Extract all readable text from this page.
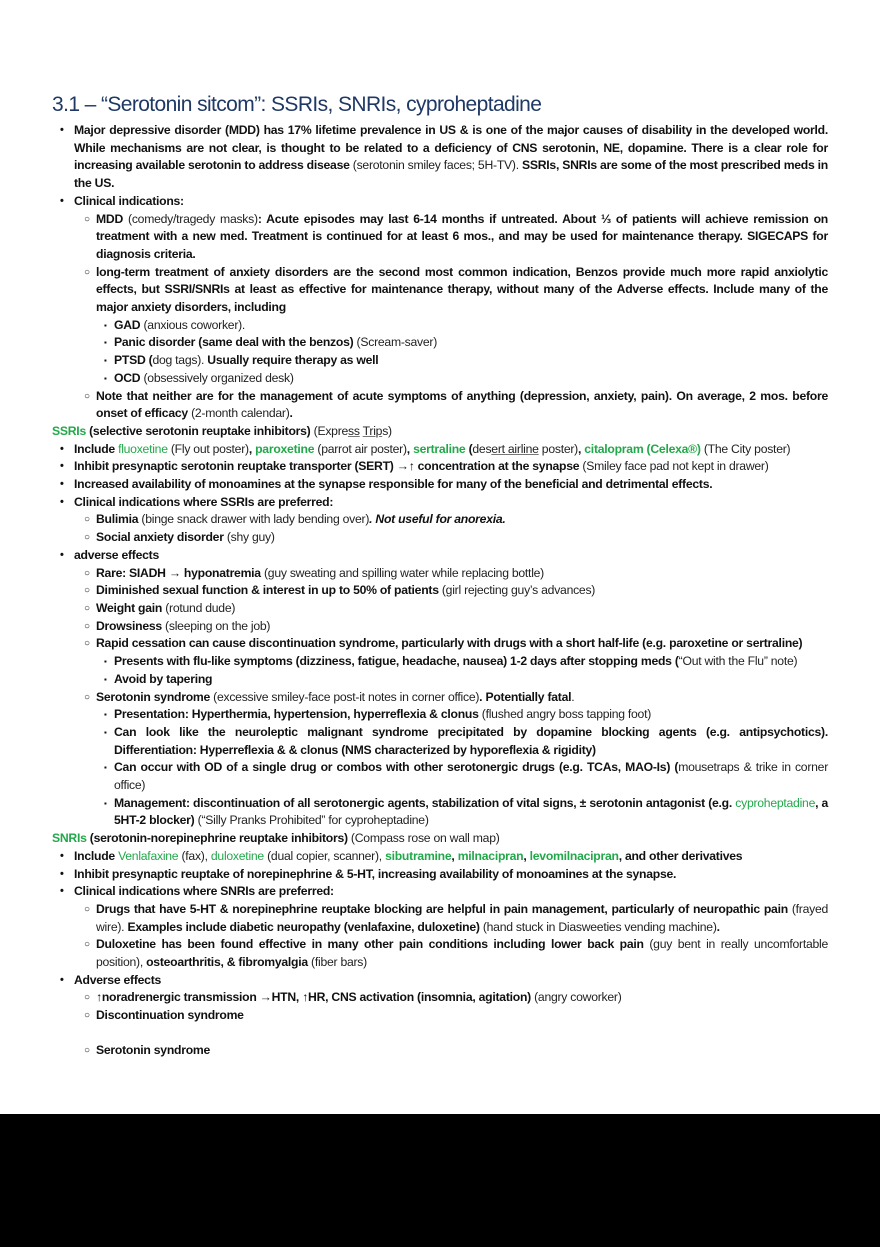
3.1 – “Serotonin sitcom”: SSRIs, SNRIs, cyproheptadine
• Major depressive disorder (MDD) has 17% lifetime prevalence in US & is one of the major causes of disability in the developed world. While mechanisms are not clear, is thought to be related to a deficiency of CNS serotonin, NE, dopamine. There is a clear role for increasing available serotonin to address disease (serotonin smiley faces; 5H-TV). SSRIs, SNRIs are some of the most prescribed meds in the US.
• Clinical indications:
○ MDD (comedy/tragedy masks): Acute episodes may last 6-14 months if untreated. About ⅓ of patients will achieve remission on treatment with a new med. Treatment is continued for at least 6 mos., and may be used for maintenance therapy. SIGECAPS for diagnosis criteria.
○ long-term treatment of anxiety disorders are the second most common indication, Benzos provide much more rapid anxiolytic effects, but SSRI/SNRIs at least as effective for maintenance therapy, without many of the Adverse effects. Include many of the major anxiety disorders, including
▪ GAD (anxious coworker).
▪ Panic disorder (same deal with the benzos) (Scream-saver)
▪ PTSD (dog tags). Usually require therapy as well
▪ OCD (obsessively organized desk)
○ Note that neither are for the management of acute symptoms of anything (depression, anxiety, pain). On average, 2 mos. before onset of efficacy (2-month calendar).
SSRIs (selective serotonin reuptake inhibitors) (Express Trips)
• Include fluoxetine (Fly out poster), paroxetine (parrot air poster), sertraline (desert airline poster), citalopram (Celexa®) (The City poster)
• Inhibit presynaptic serotonin reuptake transporter (SERT) →↑ concentration at the synapse (Smiley face pad not kept in drawer)
• Increased availability of monoamines at the synapse responsible for many of the beneficial and detrimental effects.
• Clinical indications where SSRIs are preferred:
○ Bulimia (binge snack drawer with lady bending over). Not useful for anorexia.
○ Social anxiety disorder (shy guy)
• adverse effects
○ Rare: SIADH → hyponatremia (guy sweating and spilling water while replacing bottle)
○ Diminished sexual function & interest in up to 50% of patients (girl rejecting guy’s advances)
○ Weight gain (rotund dude)
○ Drowsiness (sleeping on the job)
○ Rapid cessation can cause discontinuation syndrome, particularly with drugs with a short half-life (e.g. paroxetine or sertraline)
▪ Presents with flu-like symptoms (dizziness, fatigue, headache, nausea) 1-2 days after stopping meds (“Out with the Flu” note)
▪ Avoid by tapering
○ Serotonin syndrome (excessive smiley-face post-it notes in corner office). Potentially fatal.
▪ Presentation: Hyperthermia, hypertension, hyperreflexia & clonus (flushed angry boss tapping foot)
▪ Can look like the neuroleptic malignant syndrome precipitated by dopamine blocking agents (e.g. antipsychotics). Differentiation: Hyperreflexia & & clonus (NMS characterized by hyporeflexia & rigidity)
▪ Can occur with OD of a single drug or combos with other serotonergic drugs (e.g. TCAs, MAO-Is) (mousetraps & trike in corner office)
▪ Management: discontinuation of all serotonergic agents, stabilization of vital signs, ± serotonin antagonist (e.g. cyproheptadine, a 5HT-2 blocker) (“Silly Pranks Prohibited” for cyproheptadine)
SNRIs (serotonin-norepinephrine reuptake inhibitors) (Compass rose on wall map)
• Include Venlafaxine (fax), duloxetine (dual copier, scanner), sibutramine, milnacipran, levomilnacipran, and other derivatives
• Inhibit presynaptic reuptake of norepinephrine & 5-HT, increasing availability of monoamines at the synapse.
• Clinical indications where SNRIs are preferred:
○ Drugs that have 5-HT & norepinephrine reuptake blocking are helpful in pain management, particularly of neuropathic pain (frayed wire). Examples include diabetic neuropathy (venlafaxine, duloxetine) (hand stuck in Diasweeties vending machine).
○ Duloxetine has been found effective in many other pain conditions including lower back pain (guy bent in really uncomfortable position), osteoarthritis, & fibromyalgia (fiber bars)
• Adverse effects
○ ↑noradrenergic transmission →HTN, ↑HR, CNS activation (insomnia, agitation) (angry coworker)
○ Discontinuation syndrome
○ Serotonin syndrome
